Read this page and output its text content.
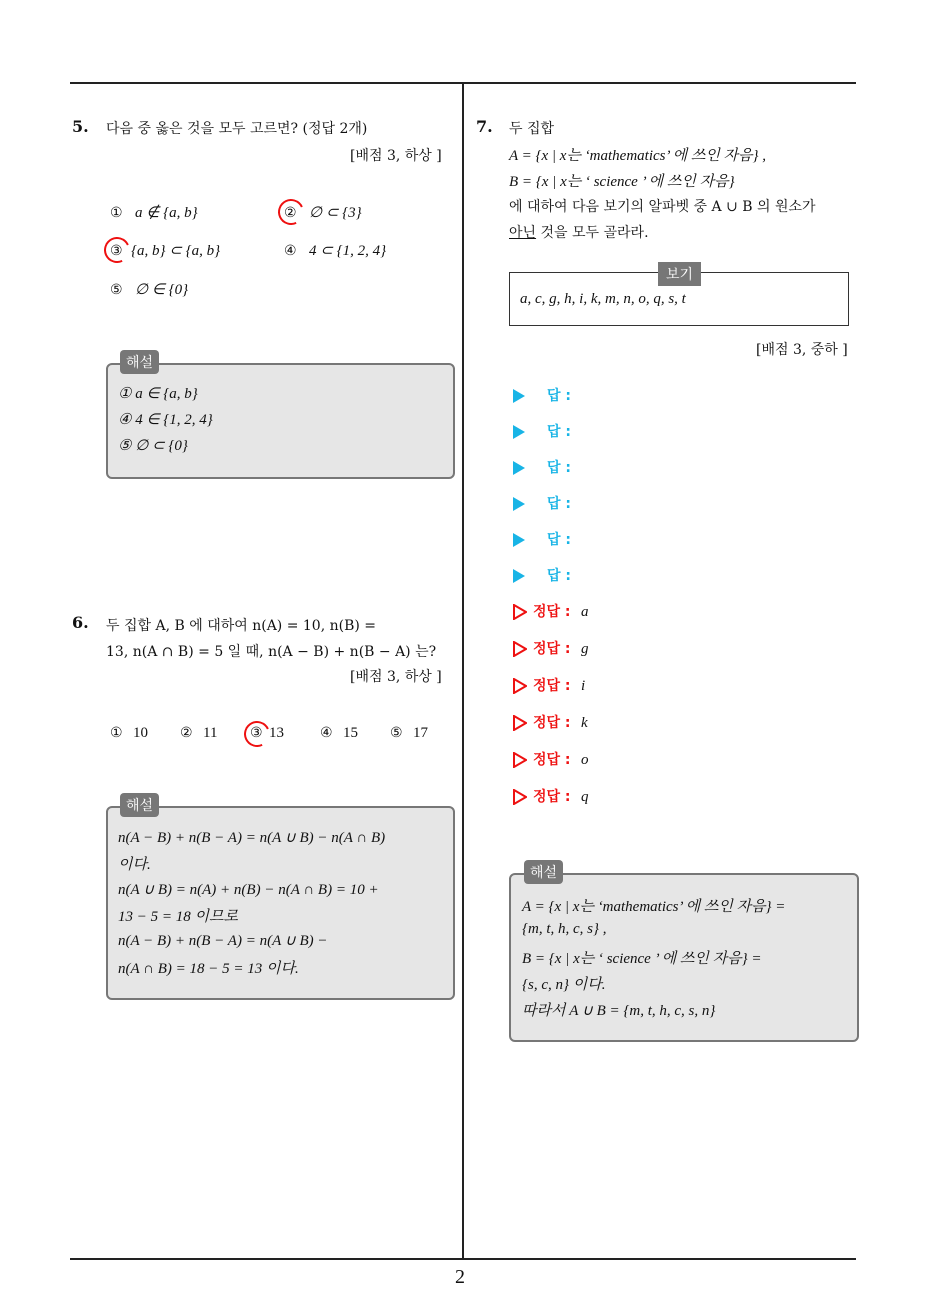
2
5. 다음 중 옳은 것을 모두 고르면? (정답 2개)
[배점 3, 하상 ]
① a ∉ {a, b}	② ∅ ⊂ {3}
③ {a, b} ⊂ {a, b}	④ 4 ⊂ {1, 2, 4}
⑤ ∅ ∈ {0}
해설
① a ∈ {a, b}
④ 4 ∈ {1, 2, 4}
⑤ ∅ ⊂ {0}
6. 두 집합 A, B 에 대하여 n(A) = 10, n(B) =
13, n(A ∩ B) = 5 일 때, n(A − B) + n(B − A) 는?
[배점 3, 하상 ]
① 10 ② 11 ③ 13	④ 15 ⑤ 17
해설
n(A − B) + n(B − A) = n(A ∪ B) − n(A ∩ B)
이다.
n(A ∪ B) = n(A) + n(B) − n(A ∩ B) = 10 +
13 − 5 = 18 이므로
n(A − B) + n(B − A) = n(A ∪ B) −
n(A ∩ B) = 18 − 5 = 13 이다.
7. 두 집합
A = {x | x는 ‘mathematics’ 에 쓰인 자음} ,
B = {x | x는 ‘ science ’ 에 쓰인 자음}
에 대하여 다음 보기의 알파벳 중 A ∪ B 의 원소가
아닌 것을 모두 골라라.
보기
a, c, g, h, i, k, m, n, o, q, s, t
[배점 3, 중하 ]
답 :
답 :
답 :
답 :
답 :
답 :
정답 : a
정답 : g
정답 : i
정답 : k
정답 : o
정답 : q
해설
A = {x | x는 ‘mathematics’ 에 쓰인 자음} =
{m, t, h, c, s} ,
B = {x | x는 ‘ science ’ 에 쓰인 자음} =
{s, c, n} 이다.
따라서 A ∪ B = {m, t, h, c, s, n}
